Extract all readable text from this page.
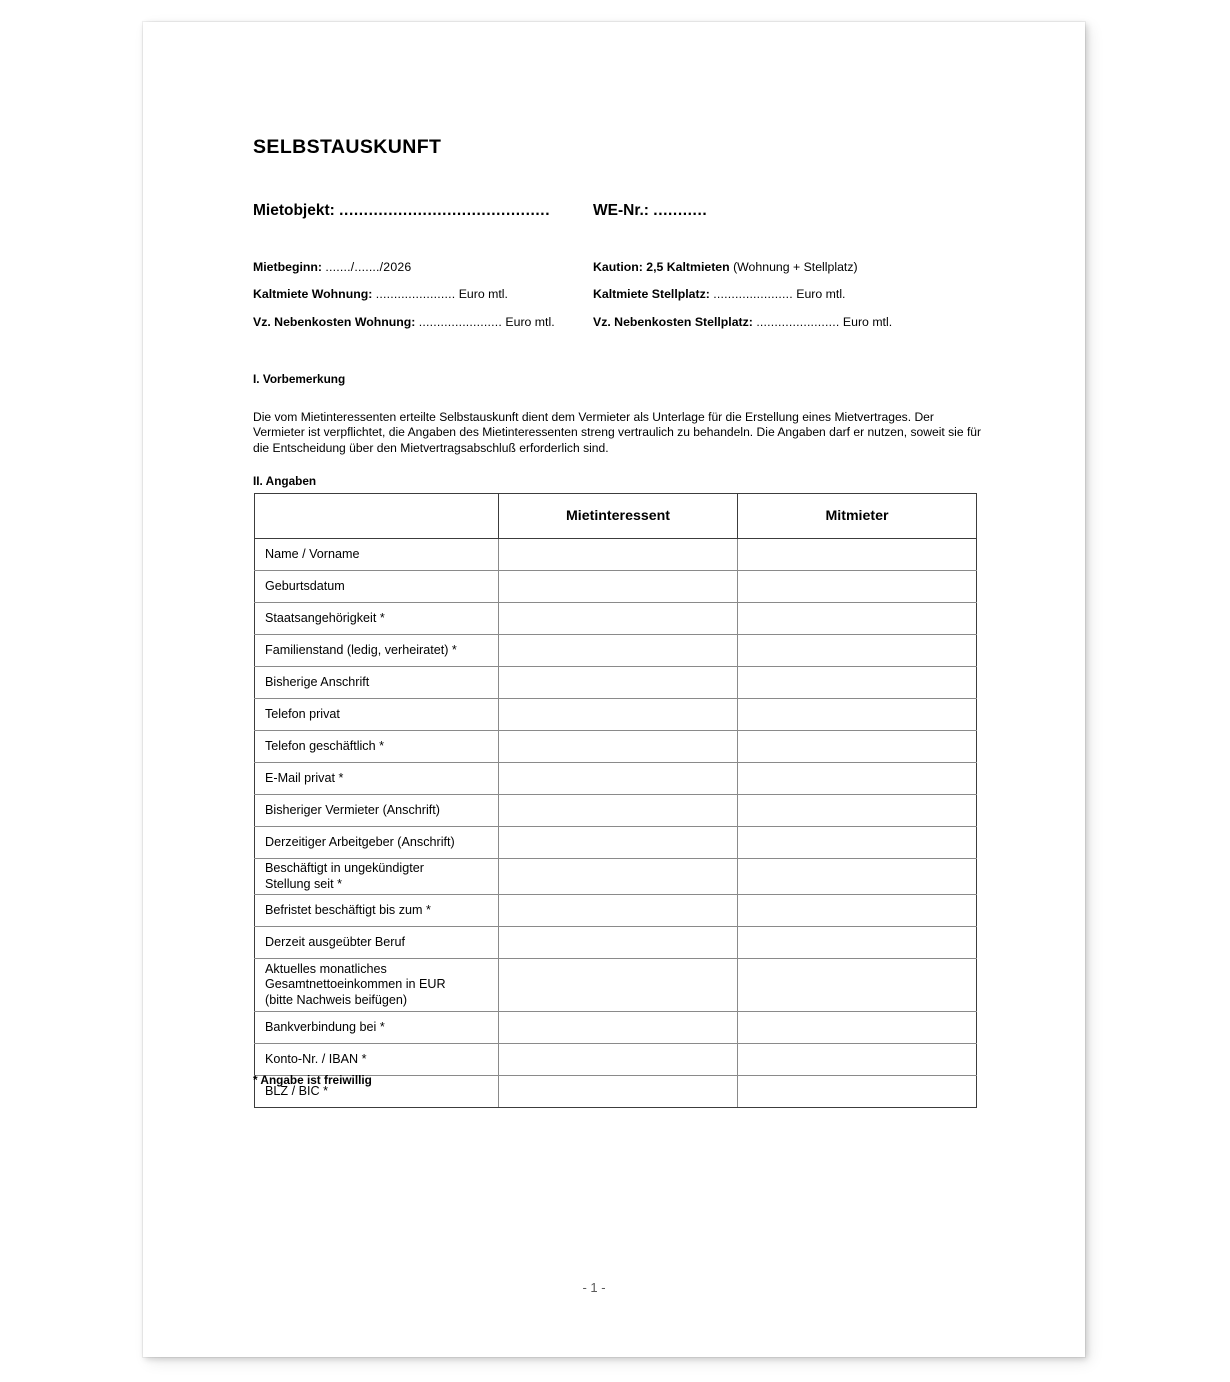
SELBSTAUSKUNFT
Mietobjekt: ...........................................	WE-Nr.: ...........
Mietbeginn: ......./......./2026	Kaution: 2,5 Kaltmieten (Wohnung + Stellplatz)
Kaltmiete Wohnung: ...................... Euro mtl.	Kaltmiete Stellplatz: ...................... Euro mtl.
Vz. Nebenkosten Wohnung: ....................... Euro mtl.	Vz. Nebenkosten Stellplatz: ....................... Euro mtl.
I. Vorbemerkung
Die vom Mietinteressenten erteilte Selbstauskunft dient dem Vermieter als Unterlage für die Erstellung eines Mietvertrages. Der Vermieter ist verpflichtet, die Angaben des Mietinteressenten streng vertraulich zu behandeln. Die Angaben darf er nutzen, soweit sie für die Entscheidung über den Mietvertragsabschluß erforderlich sind.
II. Angaben
	Mietinteressent	Mitmieter

Name / Vorname		

Geburtsdatum		

Staatsangehörigkeit *		

Familienstand (ledig, verheiratet) *		

Bisherige Anschrift		

Telefon privat		

Telefon geschäftlich *		

E-Mail privat *		

Bisheriger Vermieter (Anschrift)		

Derzeitiger Arbeitgeber (Anschrift)		

Beschäftigt in ungekündigter
Stellung seit *		

Befristet beschäftigt bis zum *		

Derzeit ausgeübter Beruf		

Aktuelles monatliches
Gesamtnettoeinkommen in EUR
(bitte Nachweis beifügen)		

Bankverbindung bei *		

Konto-Nr. / IBAN *		

BLZ / BIC *		

* Angabe ist freiwillig
- 1 -
